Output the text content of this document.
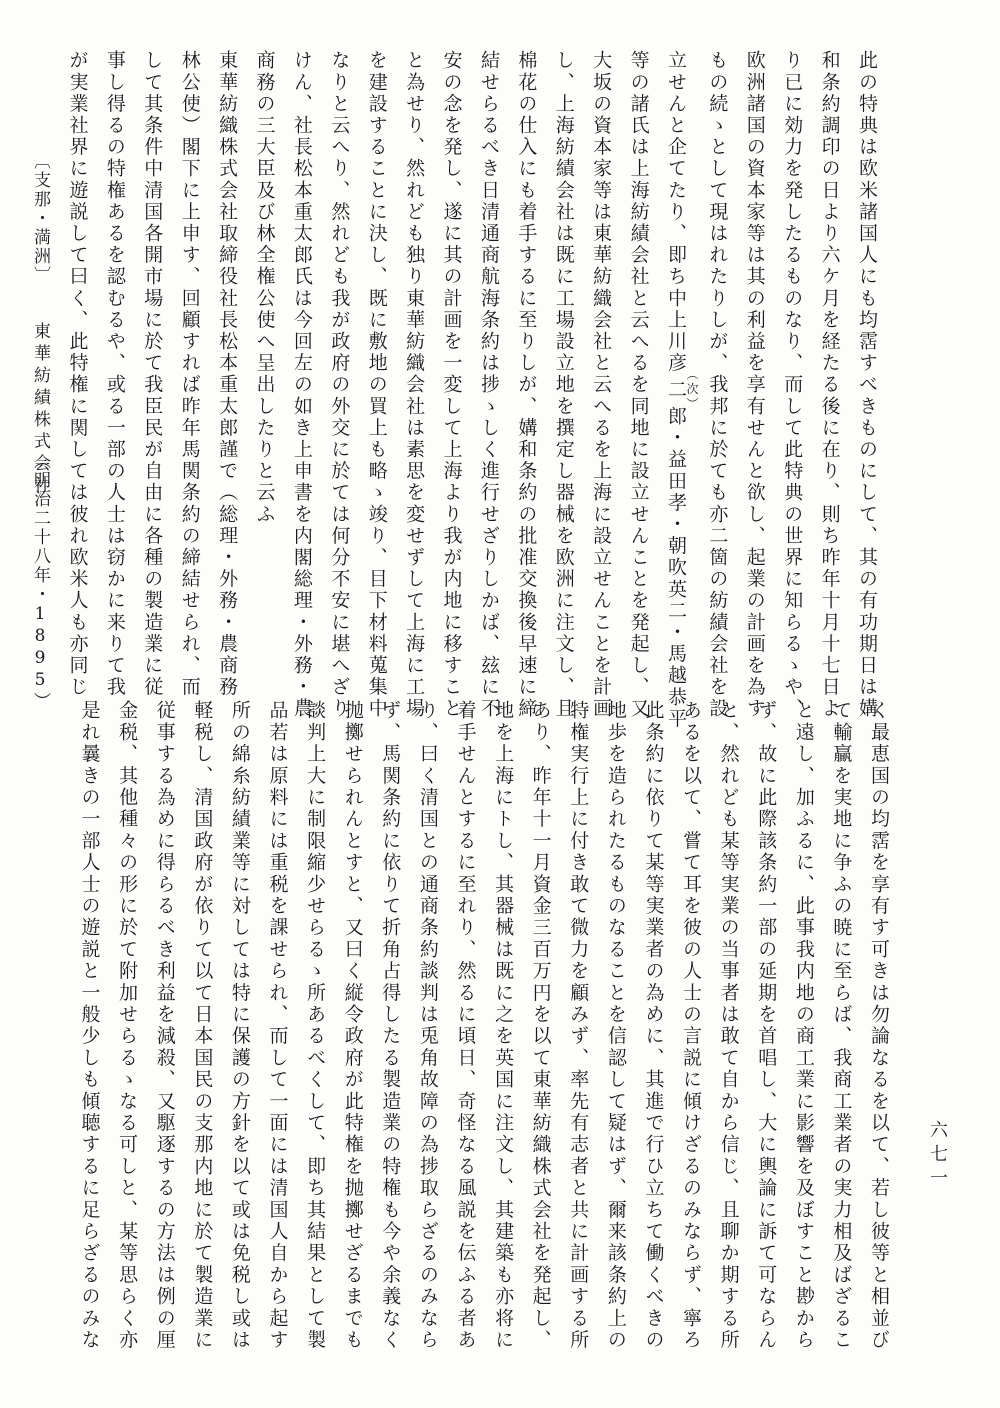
此の特典は欧米諸国人にも均霑すべきものにして、其の有功期日は媾
和条約調印の日より六ケ月を経たる後に在り、則ち昨年十月十七日よ
り已に効力を発したるものなり、而して此特典の世界に知らるゝや、
欧洲諸国の資本家等は其の利益を享有せんと欲し、起業の計画を為す
もの続ゝとして現はれたりしが、我邦に於ても亦二箇の紡績会社を設
立せんと企てたり、即ち中上川彦二（次）郎・益田孝・朝吹英二・馬越恭平
等の諸氏は上海紡績会社と云へるを同地に設立せんことを発起し、又
大坂の資本家等は東華紡織会社と云へるを上海に設立せんことを計画
し、上海紡績会社は既に工場設立地を撰定し器械を欧洲に注文し、且
棉花の仕入にも着手するに至りしが、媾和条約の批准交換後早速に締
結せらるべき日清通商航海条約は捗ゝしく進行せざりしかば、玆に不
安の念を発し、遂に其の計画を一変して上海より我が内地に移すこと
と為せり、然れども独り東華紡織会社は素思を変せずして上海に工場
を建設することに決し、既に敷地の買上も略ゝ竣り、目下材料蒐集中
なりと云へり、然れども我が政府の外交に於ては何分不安に堪へざり
けん、社長松本重太郎氏は今回左の如き上申書を内閣総理・外務・農
商務の三大臣及び林全権公使へ呈出したりと云ふ
東華紡織株式会社取締役社長松本重太郎謹で（総理・外務・農商務
林公使）閣下に上申す、回顧すれば昨年馬関条約の締結せられ、而
して其条件中清国各開市場に於て我臣民が自由に各種の製造業に従
事し得るの特権あるを認むるや、或る一部の人士は窃かに来りて我
が実業社界に遊説して曰く、此特権に関しては彼れ欧米人も亦同じ
く最恵国の均霑を享有す可きは勿論なるを以て、若し彼等と相並び
て輸贏を実地に争ふの暁に至らば、我商工業者の実力相及ばざるこ
と遠し、加ふるに、此事我内地の商工業に影響を及ぼすこと尠から
ず、故に此際該条約一部の延期を首唱し、大に輿論に訴て可ならん
と、然れども某等実業の当事者は敢て自から信じ、且聊か期する所
あるを以て、嘗て耳を彼の人士の言説に傾けざるのみならず、寧ろ
此条約に依りて某等実業者の為めに、其進で行ひ立ちて働くべきの
地歩を造られたるものなることを信認して疑はず、爾来該条約上の
特権実行上に付き敢て微力を顧みず、率先有志者と共に計画する所
あり、昨年十一月資金三百万円を以て東華紡織株式会社を発起し、
地を上海にトし、其器械は既に之を英国に注文し、其建築も亦将に
着手せんとするに至れり、然るに頃日、奇怪なる風説を伝ふる者あ
り、曰く清国との通商条約談判は兎角故障の為捗取らざるのみなら
ず、馬関条約に依りて折角占得したる製造業の特権も今や余義なく
抛擲せられんとすと、又曰く縦令政府が此特権を抛擲せざるまでも
談判上大に制限縮少せらるゝ所あるべくして、即ち其結果として製
品若は原料には重税を課せられ、而して一面には清国人自から起す
所の綿糸紡績業等に対しては特に保護の方針を以て或は免税し或は
軽税し、清国政府が依りて以て日本国民の支那内地に於て製造業に
従事する為めに得らるべき利益を減殺、又駆逐するの方法は例の厘
金税、其他種々の形に於て附加せらるゝなる可しと、某等思らく亦
是れ曩きの一部人士の遊説と一般少しも傾聴するに足らざるのみな
〔支那・満洲〕
東華紡績株式会社
（明治二十八年・1895）
六七一
